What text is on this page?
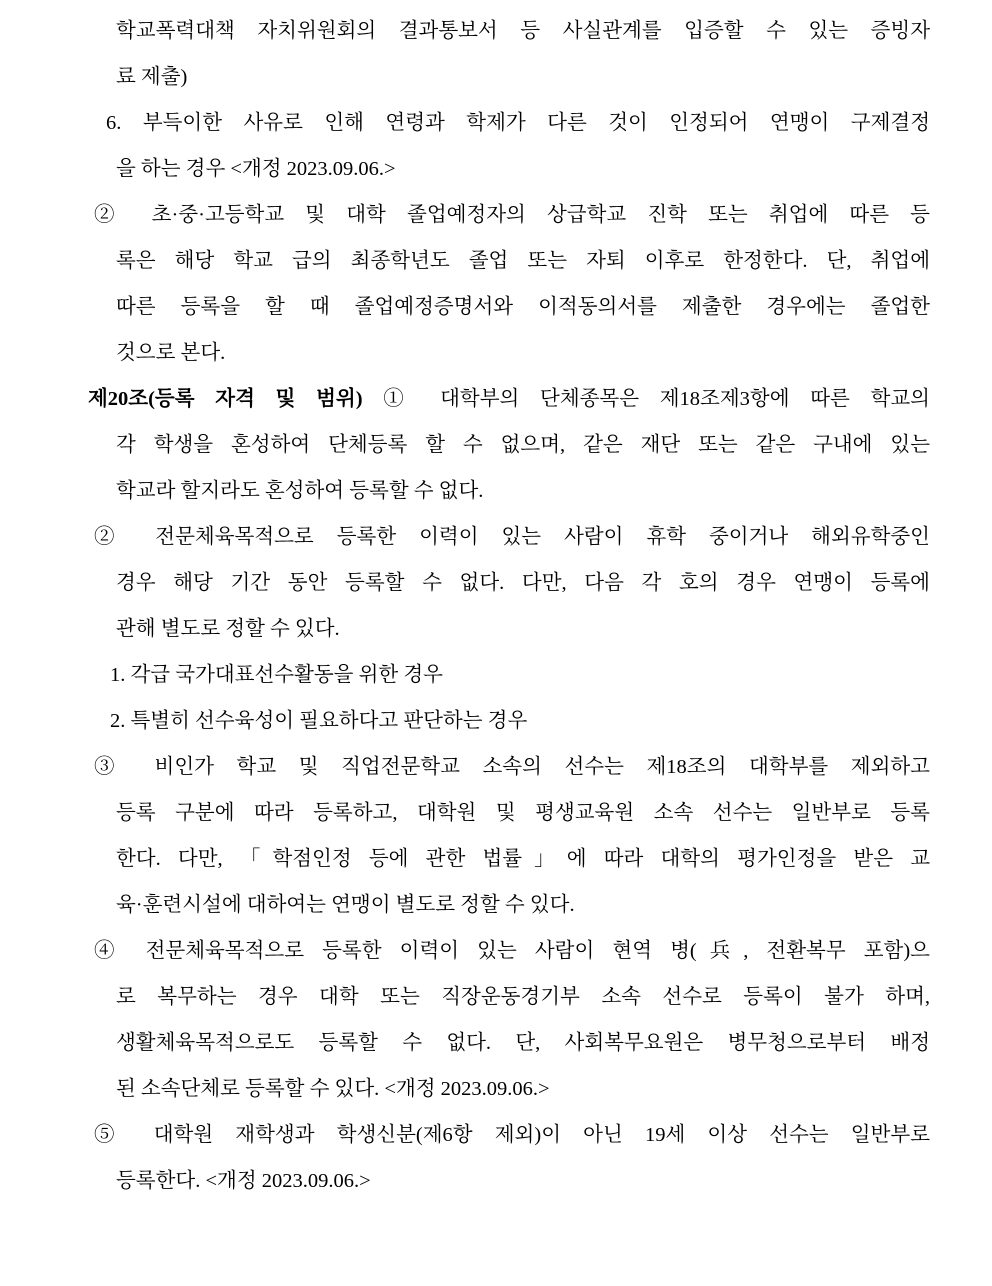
학교폭력대책 자치위원회의 결과통보서 등 사실관계를 입증할 수 있는 증빙자
료 제출)
6. 부득이한 사유로 인해 연령과 학제가 다른 것이 인정되어 연맹이 구제결정
을 하는 경우 <개정 2023.09.06.>
② 초·중·고등학교 및 대학 졸업예정자의 상급학교 진학 또는 취업에 따른 등
록은 해당 학교 급의 최종학년도 졸업 또는 자퇴 이후로 한정한다. 단, 취업에
따른 등록을 할 때 졸업예정증명서와 이적동의서를 제출한 경우에는 졸업한
것으로 본다.
제20조(등록 자격 및 범위) ① 대학부의 단체종목은 제18조제3항에 따른 학교의
각 학생을 혼성하여 단체등록 할 수 없으며, 같은 재단 또는 같은 구내에 있는
학교라 할지라도 혼성하여 등록할 수 없다.
② 전문체육목적으로 등록한 이력이 있는 사람이 휴학 중이거나 해외유학중인
경우 해당 기간 동안 등록할 수 없다. 다만, 다음 각 호의 경우 연맹이 등록에
관해 별도로 정할 수 있다.
1. 각급 국가대표선수활동을 위한 경우
2. 특별히 선수육성이 필요하다고 판단하는 경우
③ 비인가 학교 및 직업전문학교 소속의 선수는 제18조의 대학부를 제외하고
등록 구분에 따라 등록하고, 대학원 및 평생교육원 소속 선수는 일반부로 등록
한다. 다만, 「학점인정 등에 관한 법률」에 따라 대학의 평가인정을 받은 교
육·훈련시설에 대하여는 연맹이 별도로 정할 수 있다.
④ 전문체육목적으로 등록한 이력이 있는 사람이 현역 병(兵, 전환복무 포함)으
로 복무하는 경우 대학 또는 직장운동경기부 소속 선수로 등록이 불가 하며,
생활체육목적으로도 등록할 수 없다. 단, 사회복무요원은 병무청으로부터 배정
된 소속단체로 등록할 수 있다. <개정 2023.09.06.>
⑤ 대학원 재학생과 학생신분(제6항 제외)이 아닌 19세 이상 선수는 일반부로
등록한다. <개정 2023.09.06.>
